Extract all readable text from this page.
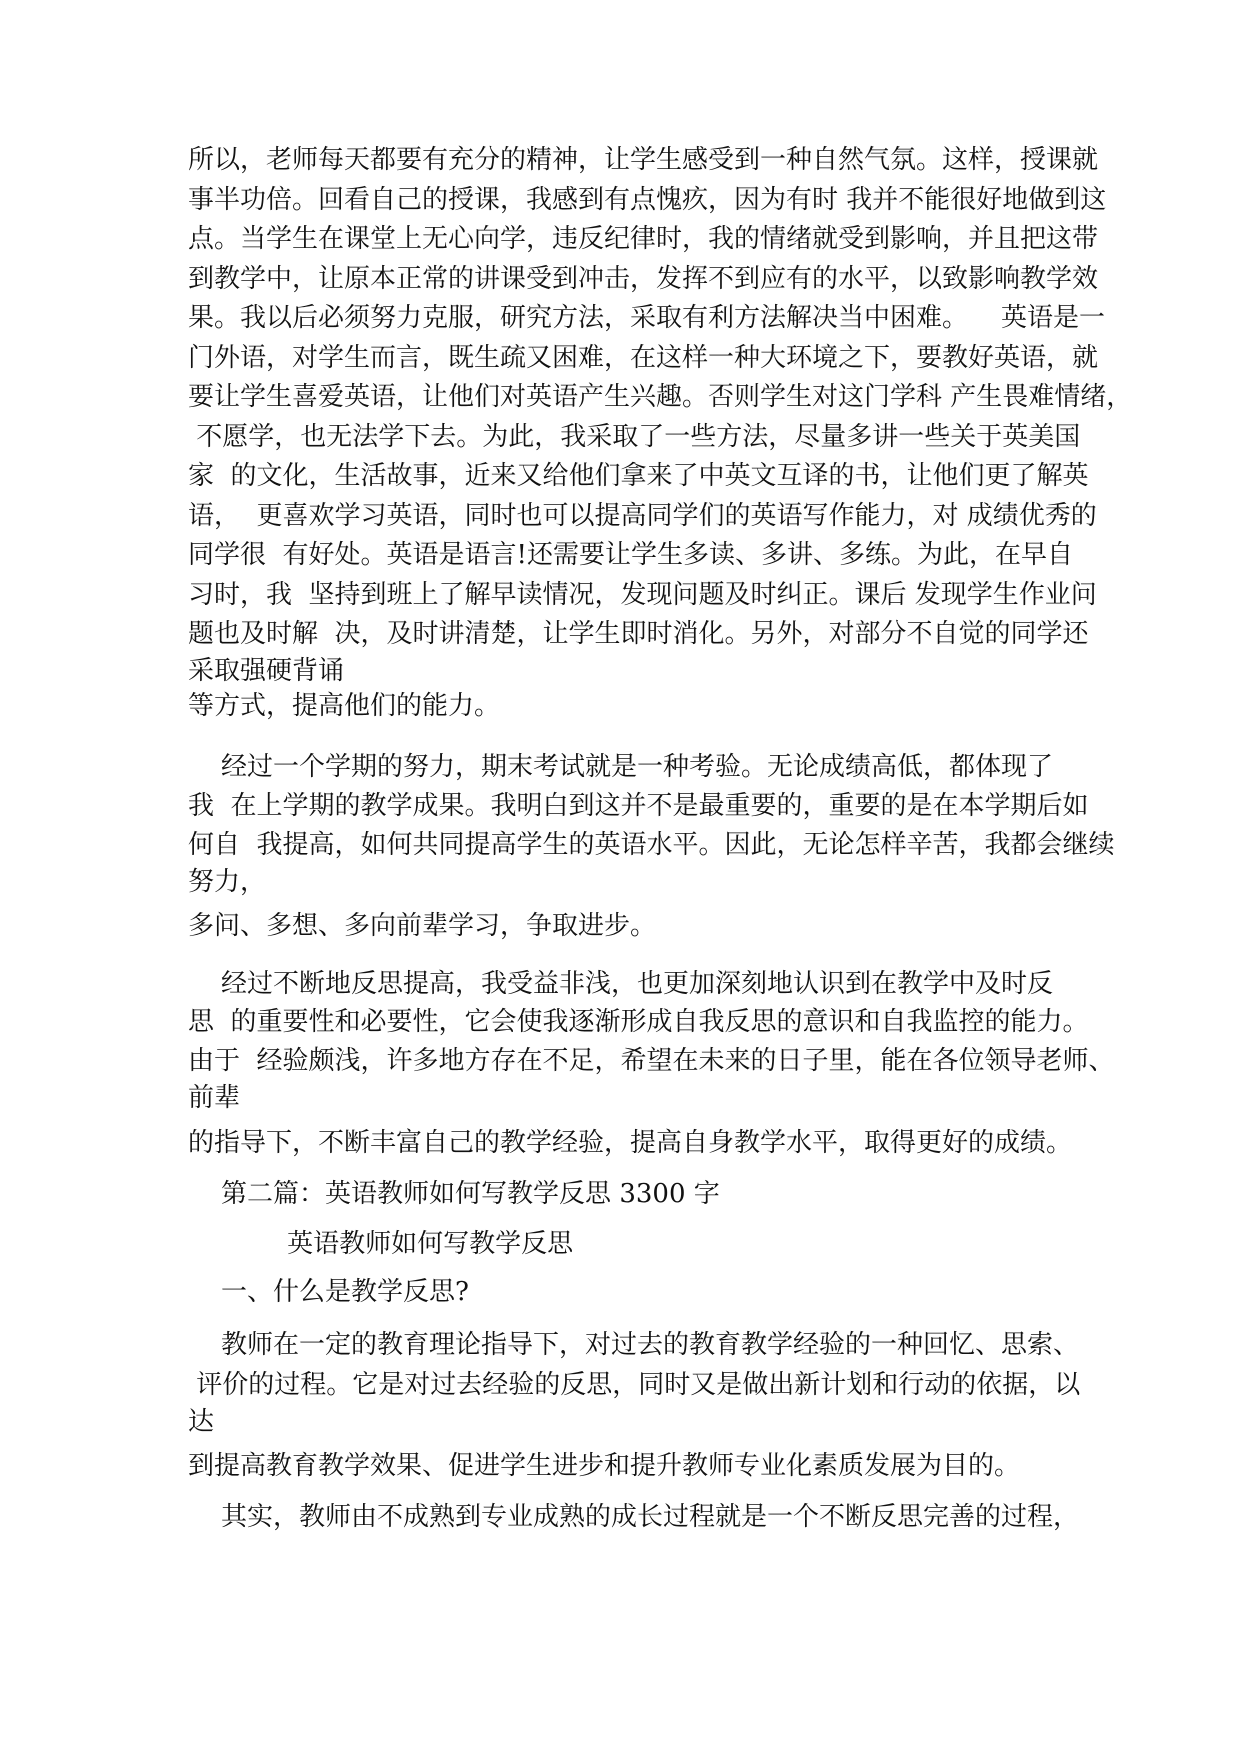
所以，老师每天都要有充分的精神，让学生感受到一种自然气氛。这样，授课就
事半功倍。回看自己的授课，我感到有点愧疚，因为有时 我并不能很好地做到这
点。当学生在课堂上无心向学，违反纪律时，我的情绪就受到影响，并且把这带
到教学中，让原本正常的讲课受到冲击，发挥不到应有的水平，以致影响教学效
果。我以后必须努力克服，研究方法，采取有利方法解决当中困难。    英语是一
门外语，对学生而言，既生疏又困难，在这样一种大环境之下，要教好英语，就
要让学生喜爱英语，让他们对英语产生兴趣。否则学生对这门学科 产生畏难情绪，
不愿学，也无法学下去。为此，我采取了一些方法，尽量多讲一些关于英美国
家  的文化，生活故事，近来又给他们拿来了中英文互译的书，让他们更了解英
语，  更喜欢学习英语，同时也可以提高同学们的英语写作能力，对 成绩优秀的
同学很  有好处。英语是语言!还需要让学生多读、多讲、多练。为此，在早自
习时，我  坚持到班上了解早读情况，发现问题及时纠正。课后 发现学生作业问
题也及时解  决，及时讲清楚，让学生即时消化。另外，对部分不自觉的同学还
采取强硬背诵
等方式，提高他们的能力。
经过一个学期的努力，期末考试就是一种考验。无论成绩高低，都体现了
我  在上学期的教学成果。我明白到这并不是最重要的，重要的是在本学期后如
何自  我提高，如何共同提高学生的英语水平。因此，无论怎样辛苦，我都会继续
努力，
多问、多想、多向前辈学习，争取进步。
经过不断地反思提高，我受益非浅，也更加深刻地认识到在教学中及时反
思  的重要性和必要性，它会使我逐渐形成自我反思的意识和自我监控的能力。
由于  经验颇浅，许多地方存在不足，希望在未来的日子里，能在各位领导老师、
前辈
的指导下，不断丰富自己的教学经验，提高自身教学水平，取得更好的成绩。
第二篇：英语教师如何写教学反思 3300 字
英语教师如何写教学反思
一、什么是教学反思?
教师在一定的教育理论指导下，对过去的教育教学经验的一种回忆、思索、
评价的过程。它是对过去经验的反思，同时又是做出新计划和行动的依据，以
达
到提高教育教学效果、促进学生进步和提升教师专业化素质发展为目的。
其实，教师由不成熟到专业成熟的成长过程就是一个不断反思完善的过程，
